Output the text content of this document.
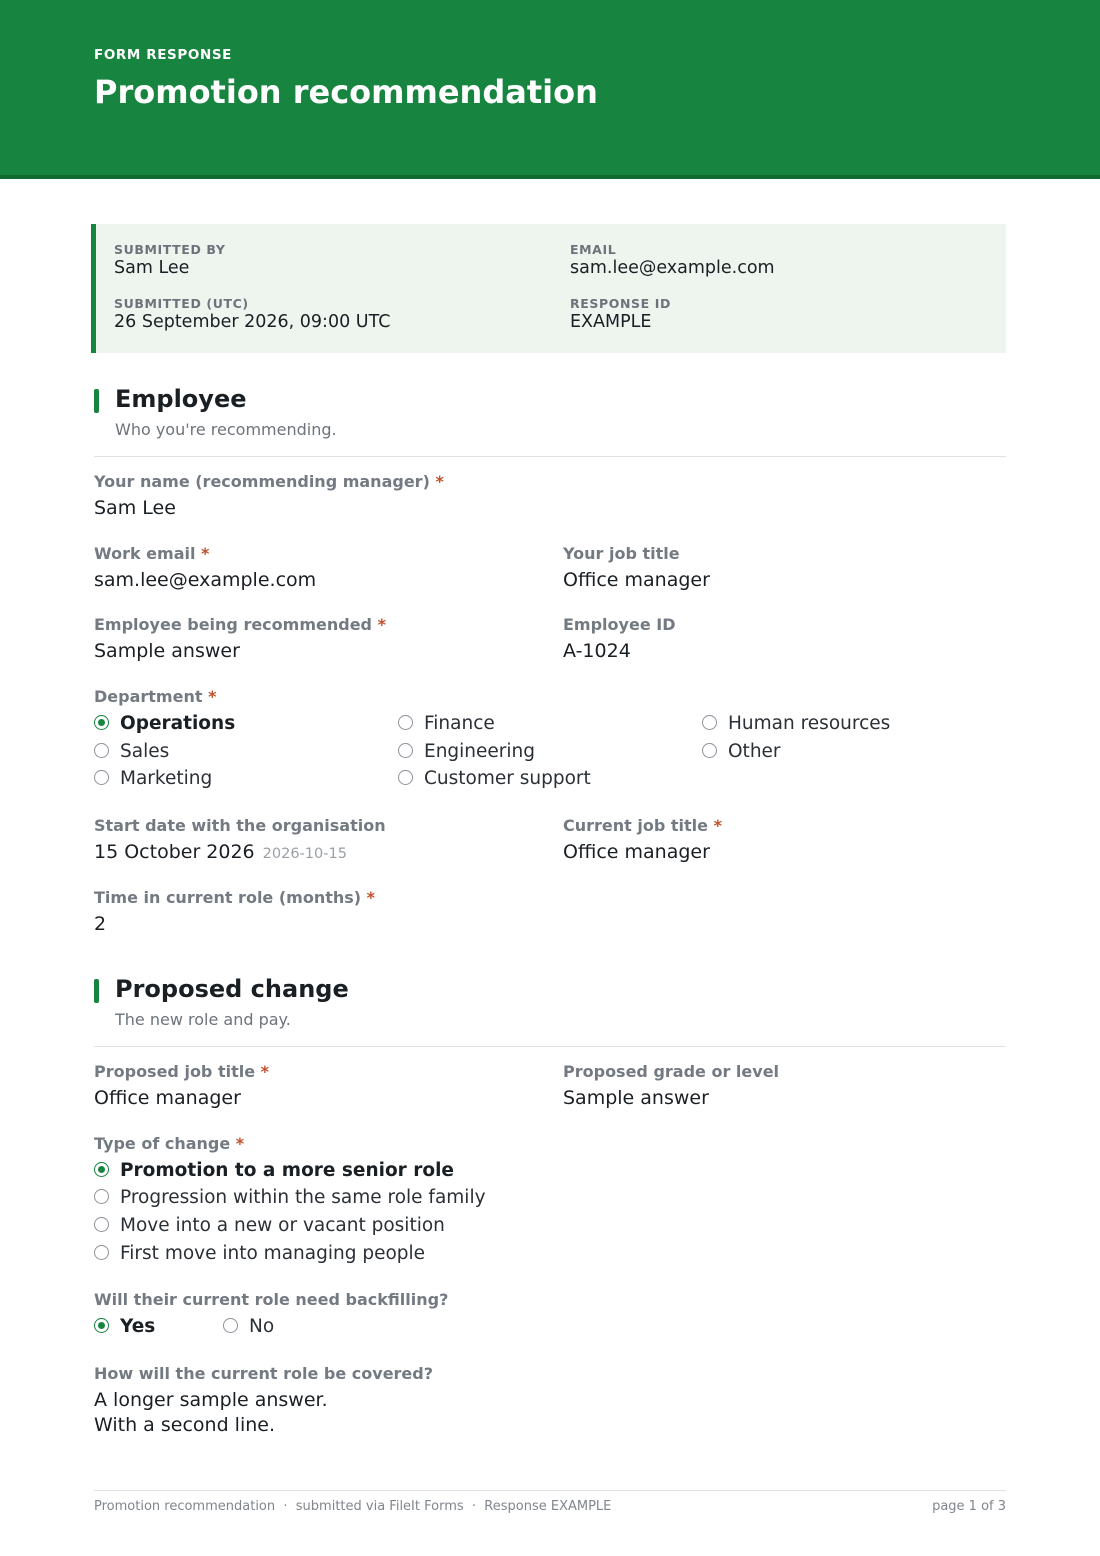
FORM RESPONSE
Promotion recommendation
SUBMITTED BY
Sam Lee
EMAIL
sam.lee@example.com
SUBMITTED (UTC)
26 September 2026, 09:00 UTC
RESPONSE ID
EXAMPLE
Employee
Who you're recommending.
Your name (recommending manager) *
Sam Lee
Work email *
sam.lee@example.com
Your job title
Office manager
Employee being recommended *
Sample answer
Employee ID
A-1024
Department *
Operations
Sales
Marketing
Finance
Engineering
Customer support
Human resources
Other
Start date with the organisation
15 October 2026 2026-10-15
Current job title *
Office manager
Time in current role (months) *
2
Proposed change
The new role and pay.
Proposed job title *
Office manager
Proposed grade or level
Sample answer
Type of change *
Promotion to a more senior role
Progression within the same role family
Move into a new or vacant position
First move into managing people
Will their current role need backfilling?
Yes	No
How will the current role be covered?
A longer sample answer.
With a second line.
Promotion recommendation  ·  submitted via FileIt Forms  ·  Response EXAMPLE	page 1 of 3
